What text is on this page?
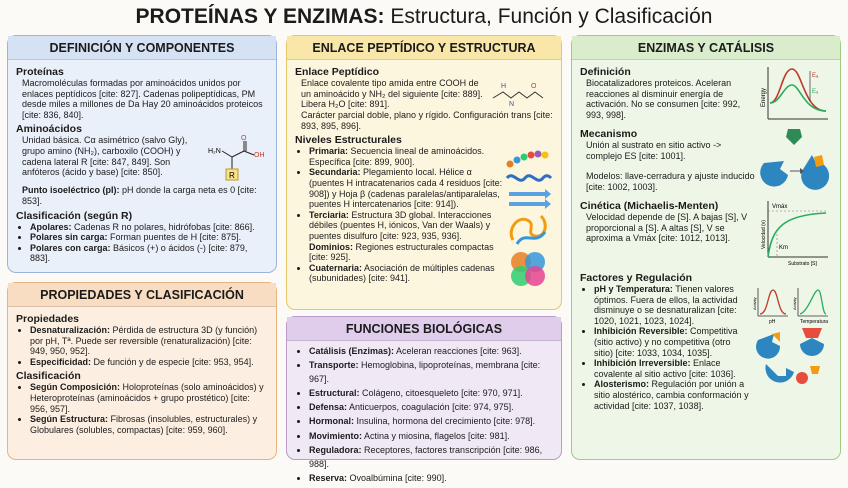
PROTEÍNAS Y ENZIMAS: Estructura, Función y Clasificación
DEFINICIÓN Y COMPONENTES
Proteínas
Macromoléculas formadas por aminoácidos unidos por enlaces peptídicos [cite: 827]. Cadenas polipeptídicas, PM desde miles a millones de Da Hay 20 aminoácidos proteicos [cite: 836, 840].
Aminoácidos
Unidad básica. Cα asimétrico (salvo Gly), grupo amino (NH₂), carboxilo (COOH) y cadena lateral R [cite: 847, 849]. Son anfóteros (ácido y base) [cite: 850].
H₂N
O
OH
R
Punto isoeléctrico (pI): pH donde la carga neta es 0 [cite: 853].
Clasificación (según R)
• Apolares: Cadenas R no polares, hidrófobas [cite: 866].
• Polares sin carga: Forman puentes de H [cite: 875].
• Polares con carga: Básicos (+) o ácidos (-) [cite: 879, 883].
PROPIEDADES Y CLASIFICACIÓN
Propiedades
• Desnaturalización: Pérdida de estructura 3D (y función) por pH, Tª. Puede ser reversible (renaturalización) [cite: 949, 950, 952].
• Especificidad: De función y de especie [cite: 953, 954].
Clasificación
• Según Composición: Holoproteínas (solo aminoácidos) y Heteroproteínas (aminoácidos + grupo prostético) [cite: 956, 957].
• Según Estructura: Fibrosas (insolubles, estructurales) y Globulares (solubles, compactas) [cite: 959, 960].
ENLACE PEPTÍDICO Y ESTRUCTURA
Enlace Peptídico
Enlace covalente tipo amida entre COOH de un aminoácido y NH₂ del siguiente [cite: 889]. Libera H₂O [cite: 891].
H
N
O
Carácter parcial doble, plano y rígido. Configuración trans [cite: 893, 895, 896].
Niveles Estructurales
• Primaria: Secuencia lineal de aminoácidos. Específica [cite: 899, 900].
• Secundaria: Plegamiento local. Hélice α (puentes H intracatenarios cada 4 residuos [cite: 908]) y Hoja β (cadenas paralelas/antiparalelas, puentes H intercatenarios [cite: 914]).
• Terciaria: Estructura 3D global. Interacciones débiles (puentes H, iónicos, Van der Waals) y puentes disulfuro [cite: 923, 935, 936].
Dominios: Regiones estructurales compactas [cite: 925].
• Cuaternaria: Asociación de múltiples cadenas (subunidades) [cite: 941].
FUNCIONES BIOLÓGICAS
• Catálisis (Enzimas): Aceleran reacciones [cite: 963].
• Transporte: Hemoglobina, lipoproteínas, membrana [cite: 967].
• Estructural: Colágeno, citoesqueleto [cite: 970, 971].
• Defensa: Anticuerpos, coagulación [cite: 974, 975].
• Hormonal: Insulina, hormona del crecimiento [cite: 978].
• Movimiento: Actina y miosina, flagelos [cite: 981].
• Reguladora: Receptores, factores transcripción [cite: 986, 988].
• Reserva: Ovoalbúmina [cite: 990].
ENZIMAS Y CATÁLISIS
Definición
Biocatalizadores proteicos. Aceleran reacciones al disminuir energía de activación. No se consumen [cite: 992, 993, 998].
Energy
Eₐ
Eₐ
Mecanismo
Unión al sustrato en sitio activo -> complejo ES [cite: 1001].
Modelos: llave-cerradura y ajuste inducido [cite: 1002, 1003].
Cinética (Michaelis-Menten)
Velocidad depende de [S]. A bajas [S], V proporcional a [S]. A altas [S], V se aproxima a Vmáx [cite: 1012, 1013].
Vmáx
Km
Velocidad (v)
Substrato [S]
Factores y Regulación
• pH y Temperatura: Tienen valores óptimos. Fuera de ellos, la actividad disminuye o se desnaturalizan [cite: 1020, 1021, 1023, 1024].
• Inhibición Reversible: Competitiva (sitio activo) y no competitiva (otro sitio) [cite: 1033, 1034, 1035].
• Inhibición Irreversible: Enlace covalente al sitio activo [cite: 1036].
• Alosterismo: Regulación por unión a sitio alostérico, cambia conformación y actividad [cite: 1037, 1038].
pH
Activity
Temperatura
Activity
